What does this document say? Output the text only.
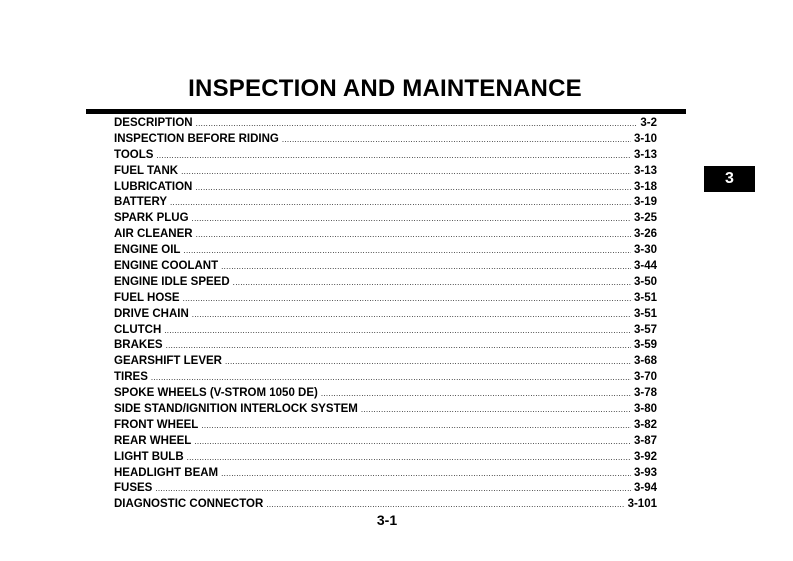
INSPECTION AND MAINTENANCE
DESCRIPTION .....	3-2
INSPECTION BEFORE RIDING .....	3-10
TOOLS .....	3-13
FUEL TANK .....	3-13
LUBRICATION .....	3-18
BATTERY .....	3-19
SPARK PLUG .....	3-25
AIR CLEANER .....	3-26
ENGINE OIL .....	3-30
ENGINE COOLANT .....	3-44
ENGINE IDLE SPEED .....	3-50
FUEL HOSE .....	3-51
DRIVE CHAIN .....	3-51
CLUTCH .....	3-57
BRAKES .....	3-59
GEARSHIFT LEVER .....	3-68
TIRES .....	3-70
SPOKE WHEELS (V-STROM 1050 DE) .....	3-78
SIDE STAND/IGNITION INTERLOCK SYSTEM .....	3-80
FRONT WHEEL .....	3-82
REAR WHEEL .....	3-87
LIGHT BULB .....	3-92
HEADLIGHT BEAM .....	3-93
FUSES .....	3-94
DIAGNOSTIC CONNECTOR .....	3-101
3
3-1
